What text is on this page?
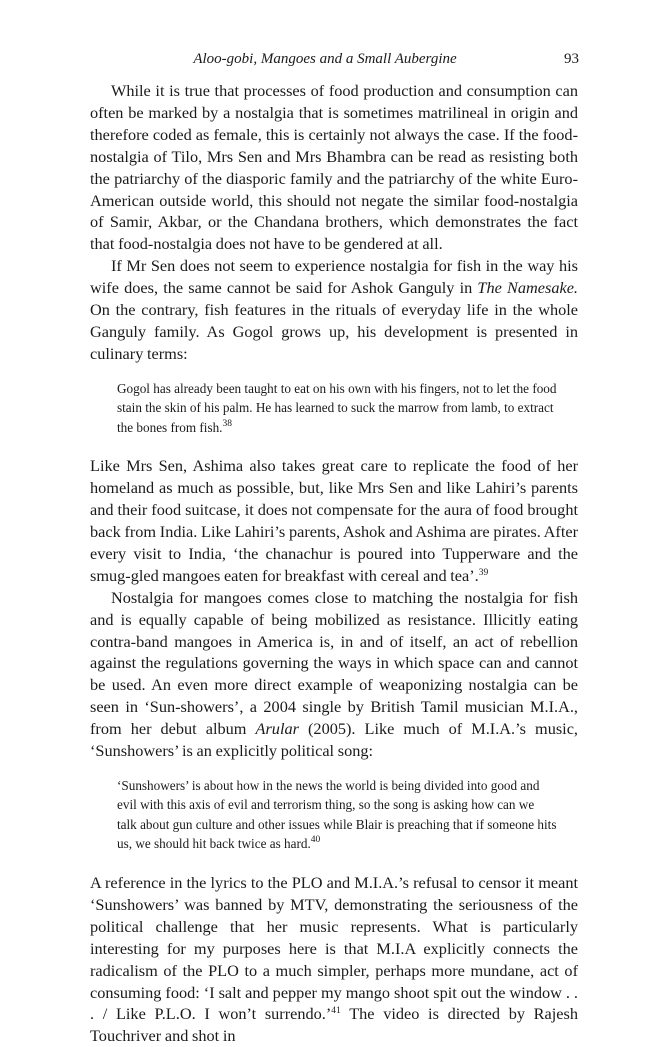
Aloo-gobi, Mangoes and a Small Aubergine	93

While it is true that processes of food production and consumption can often be marked by a nostalgia that is sometimes matrilineal in origin and therefore coded as female, this is certainly not always the case. If the food-nostalgia of Tilo, Mrs Sen and Mrs Bhambra can be read as resisting both the patriarchy of the diasporic family and the patriarchy of the white Euro-American outside world, this should not negate the similar food-nostalgia of Samir, Akbar, or the Chandana brothers, which demonstrates the fact that food-nostalgia does not have to be gendered at all.

If Mr Sen does not seem to experience nostalgia for fish in the way his wife does, the same cannot be said for Ashok Ganguly in The Namesake. On the contrary, fish features in the rituals of everyday life in the whole Ganguly family. As Gogol grows up, his development is presented in culinary terms:

Gogol has already been taught to eat on his own with his fingers, not to let the food stain the skin of his palm. He has learned to suck the marrow from lamb, to extract the bones from fish.$^{38}$

Like Mrs Sen, Ashima also takes great care to replicate the food of her homeland as much as possible, but, like Mrs Sen and like Lahiri’s parents and their food suitcase, it does not compensate for the aura of food brought back from India. Like Lahiri’s parents, Ashok and Ashima are pirates. After every visit to India, ‘the chanachur is poured into Tupperware and the smug-gled mangoes eaten for breakfast with cereal and tea’.$^{39}$

Nostalgia for mangoes comes close to matching the nostalgia for fish and is equally capable of being mobilized as resistance. Illicitly eating contra-band mangoes in America is, in and of itself, an act of rebellion against the regulations governing the ways in which space can and cannot be used. An even more direct example of weaponizing nostalgia can be seen in ‘Sun-showers’, a 2004 single by British Tamil musician M.I.A., from her debut album Arular (2005). Like much of M.I.A.’s music, ‘Sunshowers’ is an explicitly political song:

‘Sunshowers’ is about how in the news the world is being divided into good and evil with this axis of evil and terrorism thing, so the song is asking how can we talk about gun culture and other issues while Blair is preaching that if someone hits us, we should hit back twice as hard.$^{40}$

A reference in the lyrics to the PLO and M.I.A.’s refusal to censor it meant ‘Sunshowers’ was banned by MTV, demonstrating the seriousness of the political challenge that her music represents. What is particularly interesting for my purposes here is that M.I.A explicitly connects the radicalism of the PLO to a much simpler, perhaps more mundane, act of consuming food: ‘I salt and pepper my mango shoot spit out the window . . . / Like P.L.O. I won’t surrendo.’$^{41}$ The video is directed by Rajesh Touchriver and shot in
